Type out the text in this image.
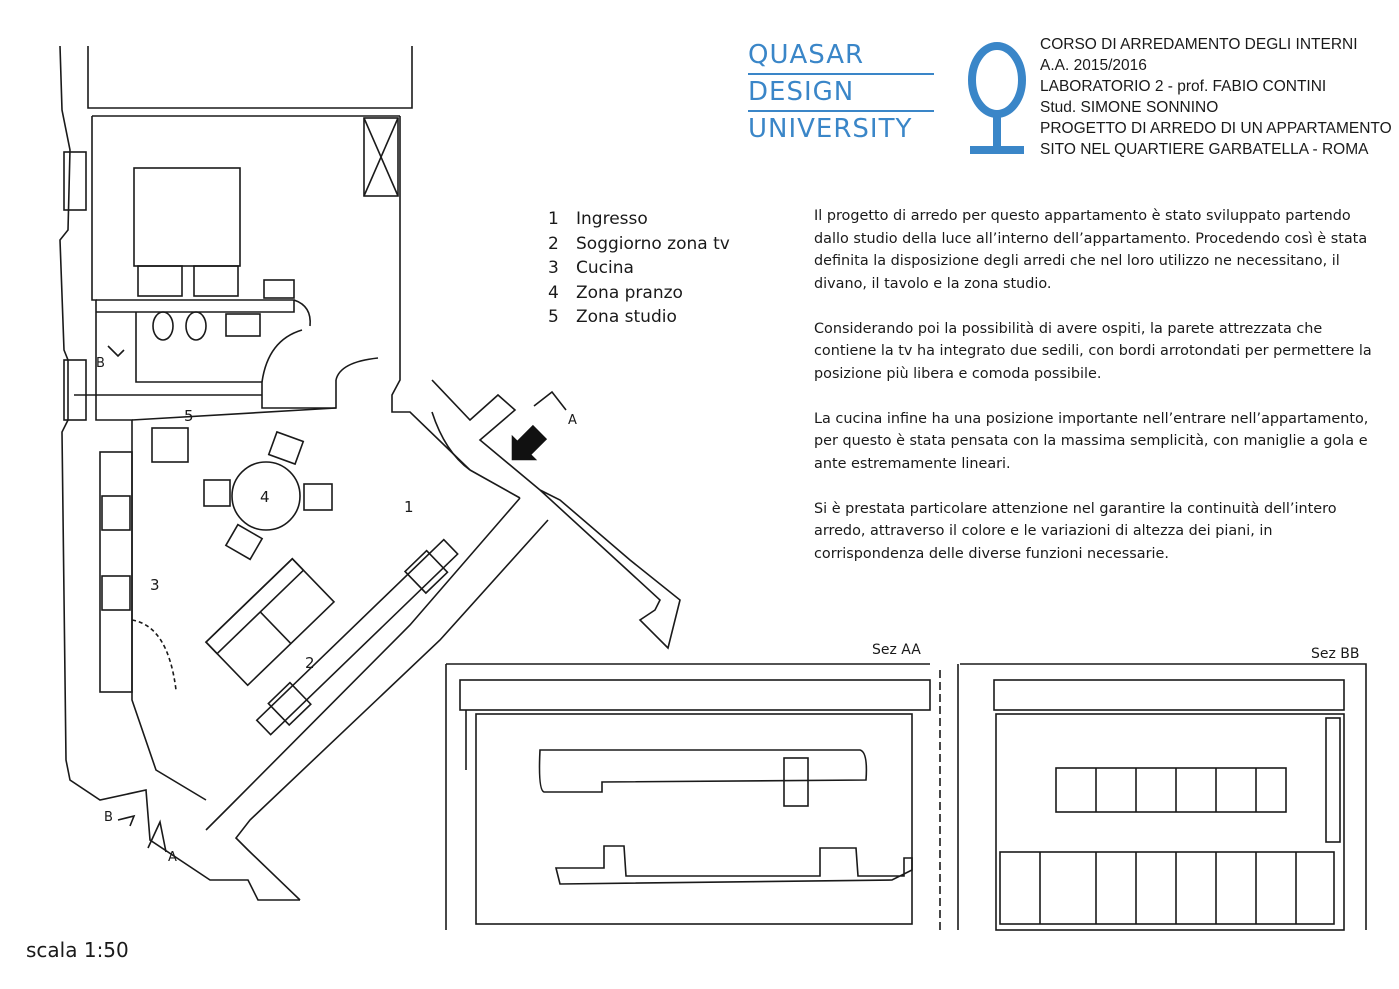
QUASAR
DESIGN
UNIVERSITY
CORSO DI ARREDAMENTO DEGLI INTERNI
A.A. 2015/2016
LABORATORIO 2 - prof. FABIO CONTINI
Stud. SIMONE SONNINO
PROGETTO DI ARREDO DI UN APPARTAMENTO
SITO NEL QUARTIERE GARBATELLA - ROMA
1 Ingresso
2 Soggiorno zona tv
3 Cucina
4 Zona pranzo
5 Zona studio

Il progetto di arredo per questo appartamento è stato sviluppato partendo dallo studio della luce all’interno dell’appartamento. Procedendo così è stata definita la disposizione degli arredi che nel loro utilizzo ne necessitano, il divano, il tavolo e la zona studio.

Considerando poi la possibilità di avere ospiti, la parete attrezzata che contiene la tv ha integrato due sedili, con bordi arrotondati per permettere la posizione più libera e comoda possibile.

La cucina infine ha una posizione importante nell’entrare nell’appartamento, per questo è stata pensata con la massima semplicità, con maniglie a gola e ante estremamente lineari.

Si è prestata particolare attenzione nel garantire la continuità dell’intero arredo, attraverso il colore e le variazioni di altezza dei piani, in corrispondenza delle diverse funzioni necessarie.

1
2
3
4
5	A
B
B
A
Sez AA	Sez BB
scala 1:50
